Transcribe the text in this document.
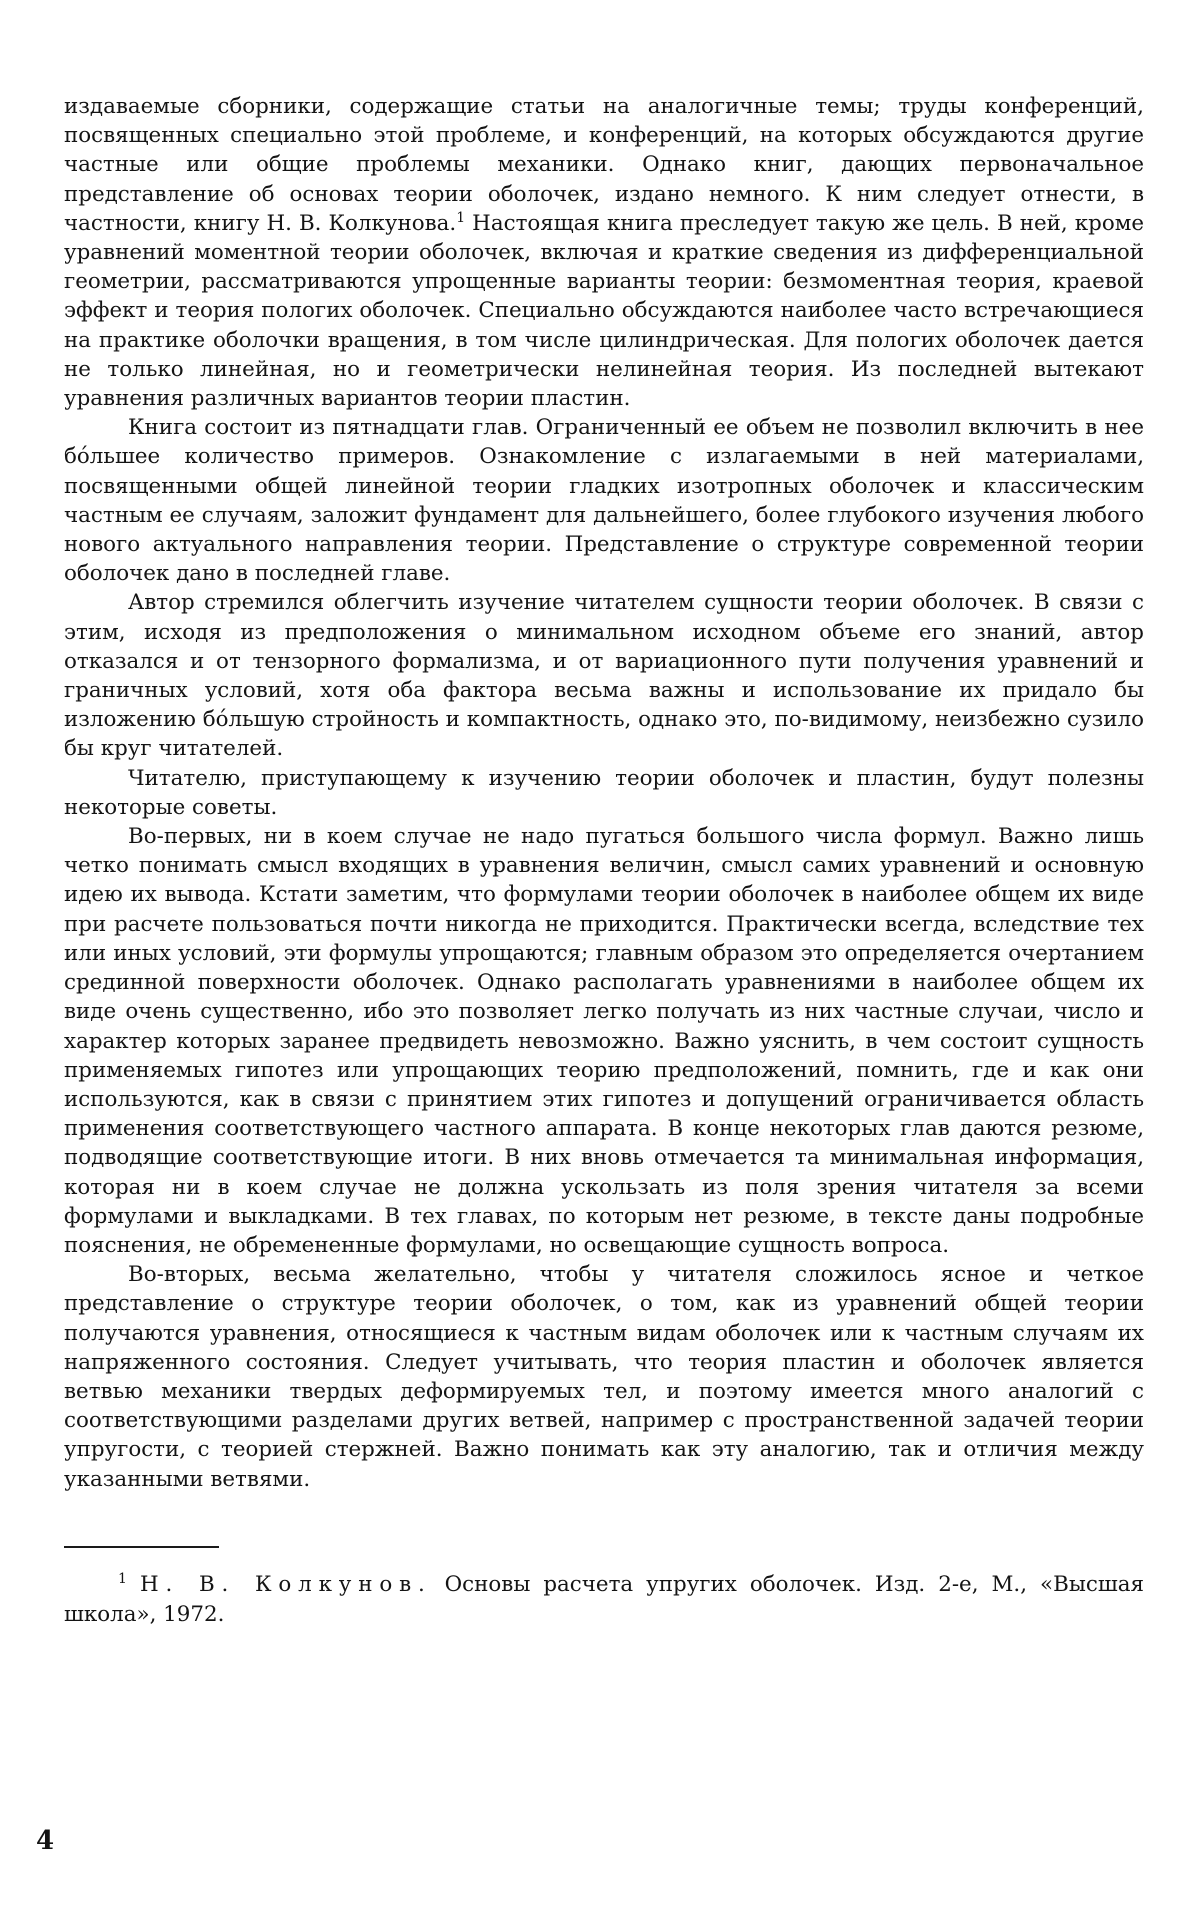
издаваемые сборники, содержащие статьи на аналогичные темы; труды конференций, посвященных специально этой проблеме, и конференций, на которых обсуждаются другие частные или общие проблемы механики. Однако книг, дающих первоначальное представление об основах теории оболочек, издано немного. К ним следует отнести, в частности, книгу Н. В. Колкунова.$^1$ Настоящая книга преследует такую же цель. В ней, кроме уравнений моментной теории оболочек, включая и краткие сведения из дифференциальной геометрии, рассматриваются упрощенные варианты теории: безмоментная теория, краевой эффект и теория пологих оболочек. Специально обсуждаются наиболее часто встречающиеся на практике оболочки вращения, в том числе цилиндрическая. Для пологих оболочек дается не только линейная, но и геометрически нелинейная теория. Из последней вытекают уравнения различных вариантов теории пластин.

Книга состоит из пятнадцати глав. Ограниченный ее объем не позволил включить в нее бо́льшее количество примеров. Ознакомление с излагаемыми в ней материалами, посвященными общей линейной теории гладких изотропных оболочек и классическим частным ее случаям, заложит фундамент для дальнейшего, более глубокого изучения любого нового актуального направления теории. Представление о структуре современной теории оболочек дано в последней главе.

Автор стремился облегчить изучение читателем сущности теории оболочек. В связи с этим, исходя из предположения о минимальном исходном объеме его знаний, автор отказался и от тензорного формализма, и от вариационного пути получения уравнений и граничных условий, хотя оба фактора весьма важны и использование их придало бы изложению бо́льшую стройность и компактность, однако это, по-видимому, неизбежно сузило бы круг читателей.

Читателю, приступающему к изучению теории оболочек и пластин, будут полезны некоторые советы.

Во-первых, ни в коем случае не надо пугаться большого числа формул. Важно лишь четко понимать смысл входящих в уравнения величин, смысл самих уравнений и основную идею их вывода. Кстати заметим, что формулами теории оболочек в наиболее общем их виде при расчете пользоваться почти никогда не приходится. Практически всегда, вследствие тех или иных условий, эти формулы упрощаются; главным образом это определяется очертанием срединной поверхности оболочек. Однако располагать уравнениями в наиболее общем их виде очень существенно, ибо это позволяет легко получать из них частные случаи, число и характер которых заранее предвидеть невозможно. Важно уяснить, в чем состоит сущность применяемых гипотез или упрощающих теорию предположений, помнить, где и как они используются, как в связи с принятием этих гипотез и допущений ограничивается область применения соответствующего частного аппарата. В конце некоторых глав даются резюме, подводящие соответствующие итоги. В них вновь отмечается та минимальная информация, которая ни в коем случае не должна ускользать из поля зрения читателя за всеми формулами и выкладками. В тех главах, по которым нет резюме, в тексте даны подробные пояснения, не обремененные формулами, но освещающие сущность вопроса.

Во-вторых, весьма желательно, чтобы у читателя сложилось ясное и четкое представление о структуре теории оболочек, о том, как из уравнений общей теории получаются уравнения, относящиеся к частным видам оболочек или к частным случаям их напряженного состояния. Следует учитывать, что теория пластин и оболочек является ветвью механики твердых деформируемых тел, и поэтому имеется много аналогий с соответствующими разделами других ветвей, например с пространственной задачей теории упругости, с теорией стержней. Важно понимать как эту аналогию, так и отличия между указанными ветвями.

$^1$ Н. В. Колкунов. Основы расчета упругих оболочек. Изд. 2-е, М., «Высшая школа», 1972.

4
